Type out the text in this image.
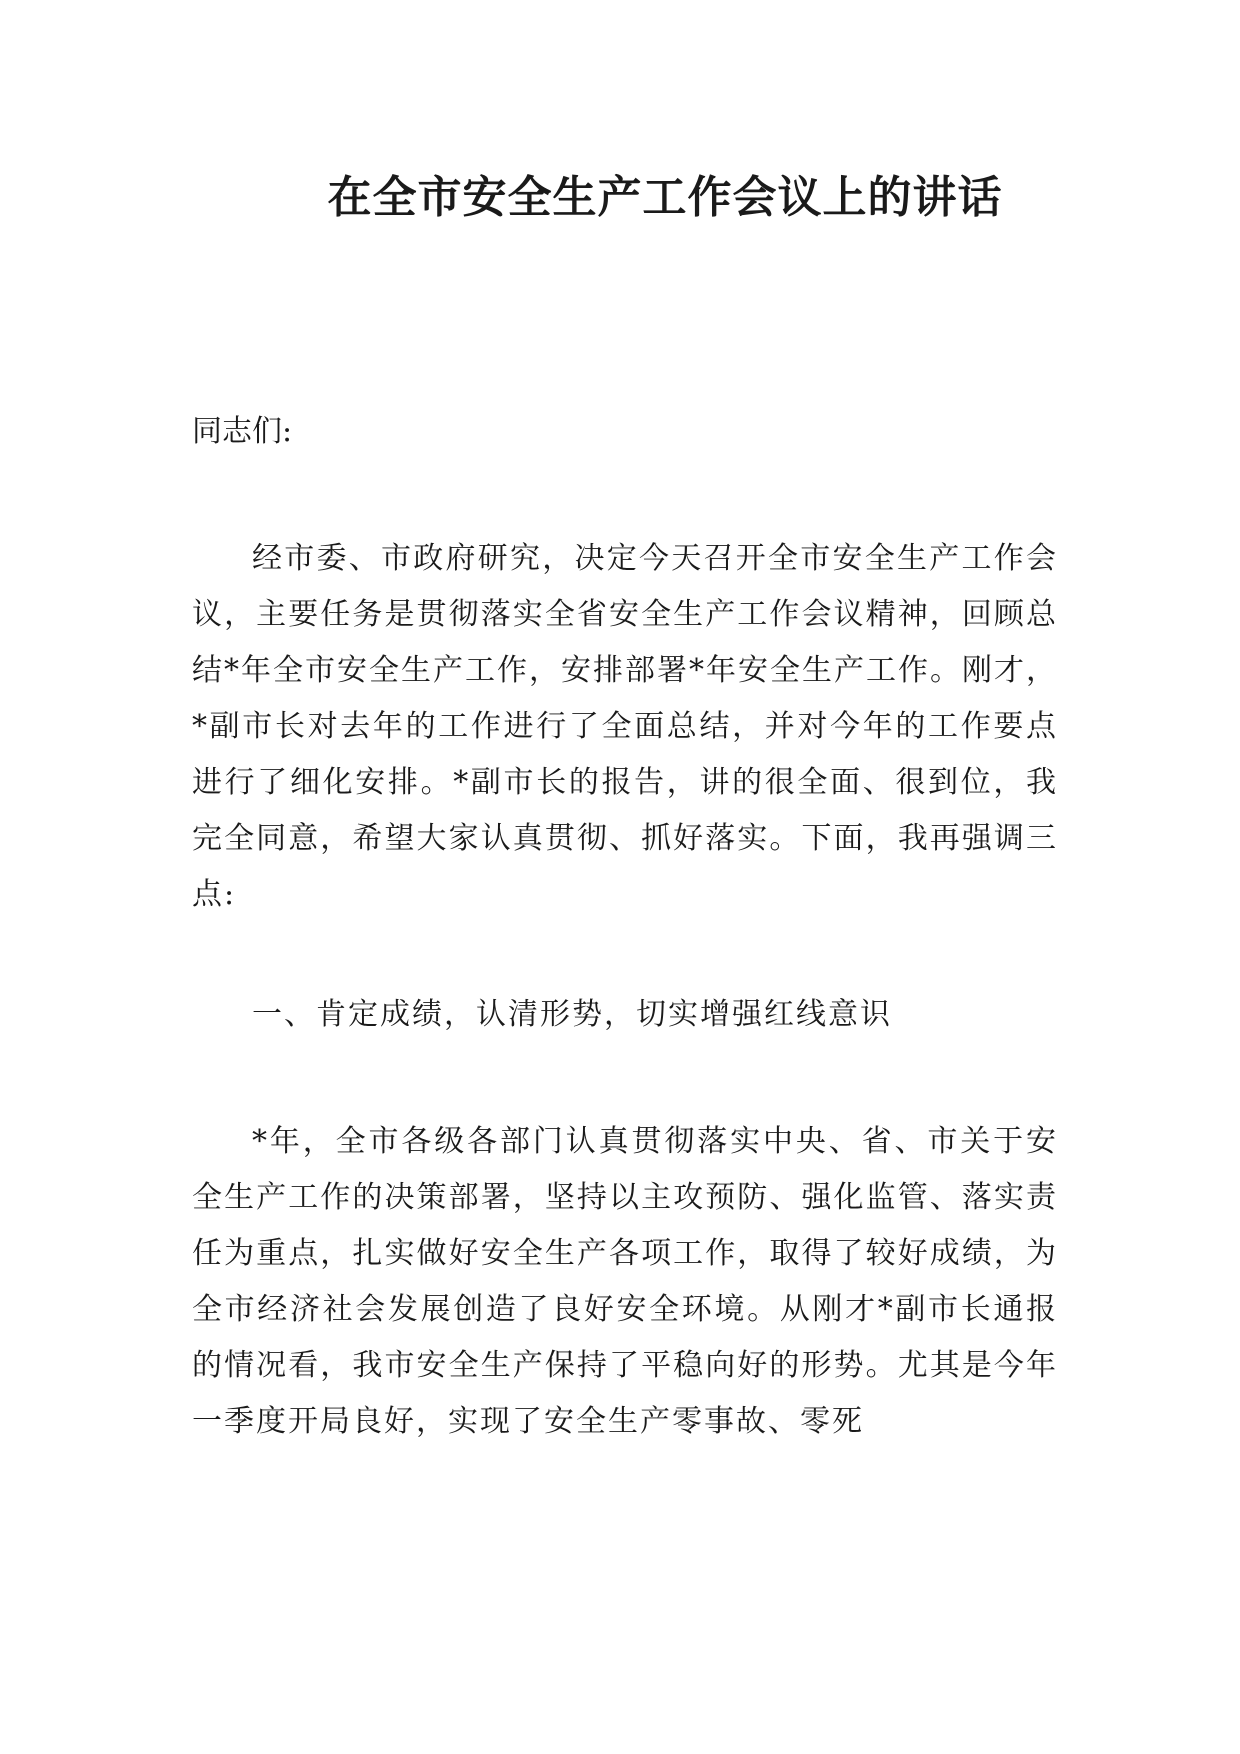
在全市安全生产工作会议上的讲话

同志们:

经市委、市政府研究，决定今天召开全市安全生产工作会议，主要任务是贯彻落实全省安全生产工作会议精神，回顾总结*年全市安全生产工作，安排部署*年安全生产工作。刚才，*副市长对去年的工作进行了全面总结，并对今年的工作要点进行了细化安排。*副市长的报告，讲的很全面、很到位，我完全同意，希望大家认真贯彻、抓好落实。下面，我再强调三点:

一、肯定成绩，认清形势，切实增强红线意识

*年，全市各级各部门认真贯彻落实中央、省、市关于安全生产工作的决策部署，坚持以主攻预防、强化监管、落实责任为重点，扎实做好安全生产各项工作，取得了较好成绩，为全市经济社会发展创造了良好安全环境。从刚才*副市长通报的情况看，我市安全生产保持了平稳向好的形势。尤其是今年一季度开局良好，实现了安全生产零事故、零死
